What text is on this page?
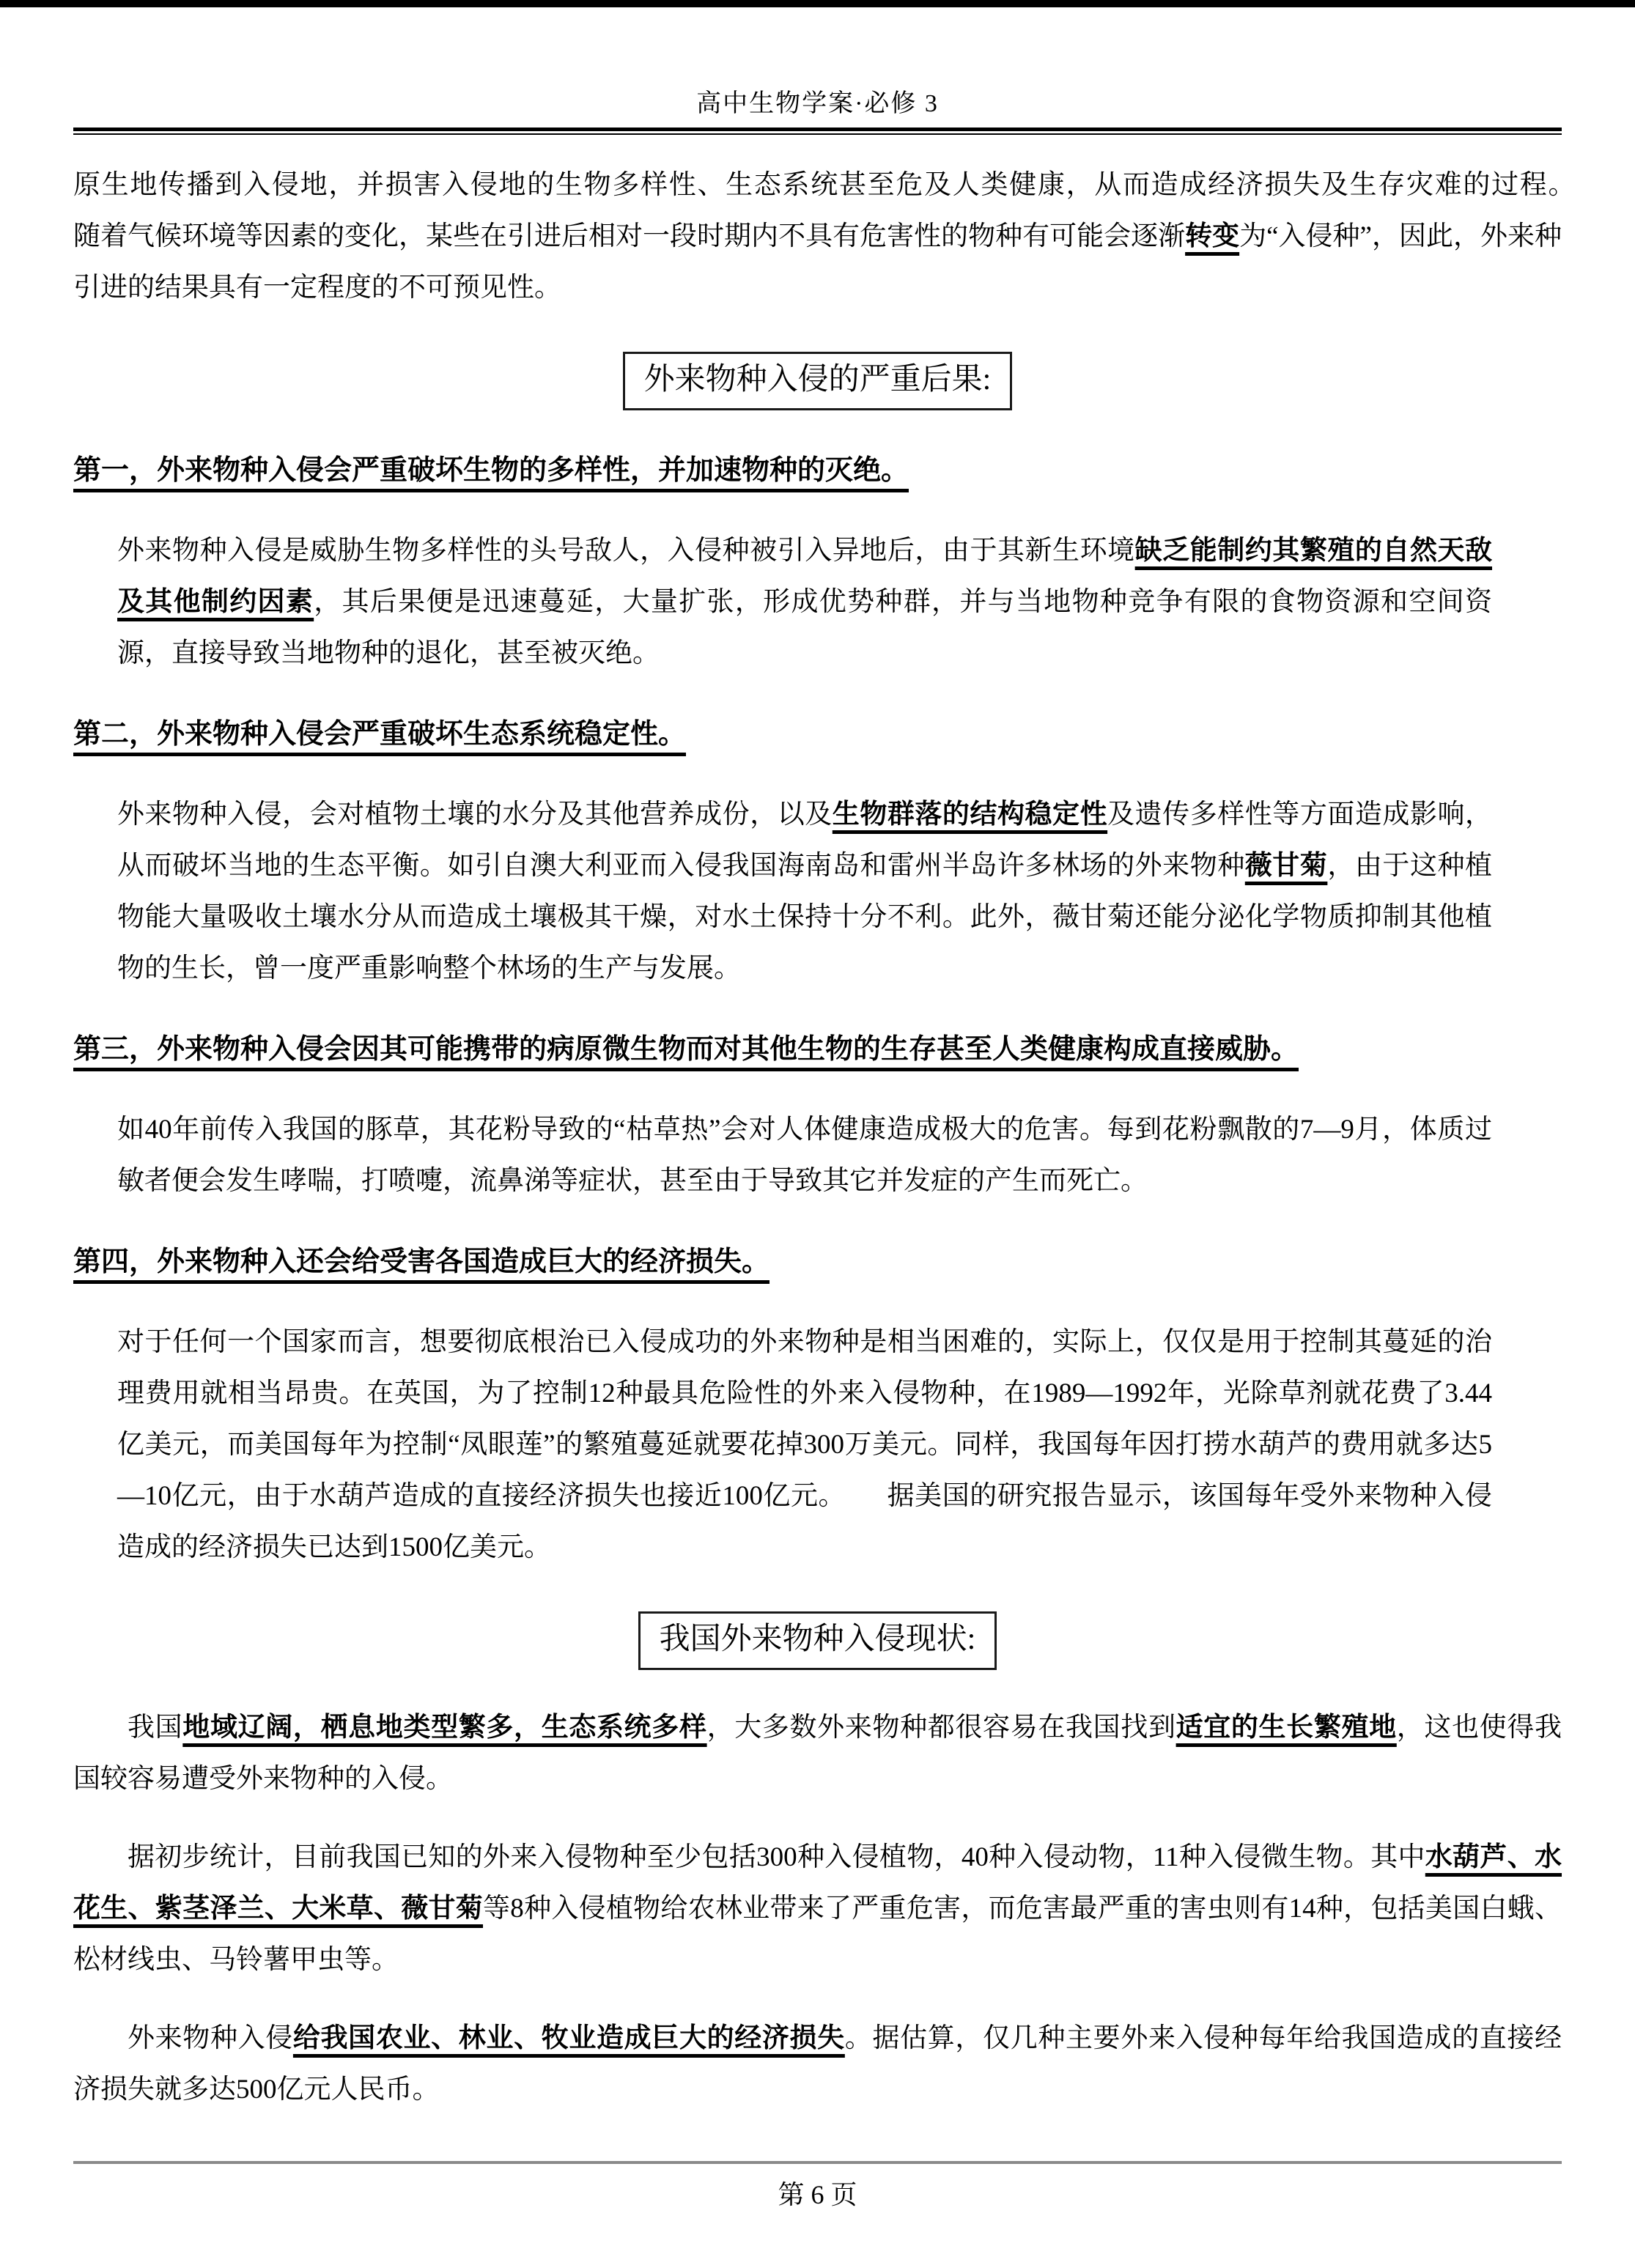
高中生物学案·必修 3

原生地传播到入侵地，并损害入侵地的生物多样性、生态系统甚至危及人类健康，从而造成经济损失及生存灾难的过程。　　随着气候环境等因素的变化，某些在引进后相对一段时期内不具有危害性的物种有可能会逐渐转变为“入侵种”，因此，外来种引进的结果具有一定程度的不可预见性。

外来物种入侵的严重后果:
第一，外来物种入侵会严重破坏生物的多样性，并加速物种的灭绝。

外来物种入侵是威胁生物多样性的头号敌人，入侵种被引入异地后，由于其新生环境缺乏能制约其繁殖的自然天敌及其他制约因素，其后果便是迅速蔓延，大量扩张，形成优势种群，并与当地物种竞争有限的食物资源和空间资源，直接导致当地物种的退化，甚至被灭绝。

第二，外来物种入侵会严重破坏生态系统稳定性。

外来物种入侵，会对植物土壤的水分及其他营养成份，以及生物群落的结构稳定性及遗传多样性等方面造成影响，从而破坏当地的生态平衡。如引自澳大利亚而入侵我国海南岛和雷州半岛许多林场的外来物种薇甘菊，由于这种植物能大量吸收土壤水分从而造成土壤极其干燥，对水土保持十分不利。此外，薇甘菊还能分泌化学物质抑制其他植物的生长，曾一度严重影响整个林场的生产与发展。

第三，外来物种入侵会因其可能携带的病原微生物而对其他生物的生存甚至人类健康构成直接威胁。

如40年前传入我国的豚草，其花粉导致的“枯草热”会对人体健康造成极大的危害。每到花粉飘散的7—9月，体质过敏者便会发生哮喘，打喷嚏，流鼻涕等症状，甚至由于导致其它并发症的产生而死亡。

第四，外来物种入还会给受害各国造成巨大的经济损失。

对于任何一个国家而言，想要彻底根治已入侵成功的外来物种是相当困难的，实际上，仅仅是用于控制其蔓延的治理费用就相当昂贵。在英国，为了控制12种最具危险性的外来入侵物种，在1989—1992年，光除草剂就花费了3.44亿美元，而美国每年为控制“凤眼莲”的繁殖蔓延就要花掉300万美元。同样，我国每年因打捞水葫芦的费用就多达5—10亿元，由于水葫芦造成的直接经济损失也接近100亿元。　　据美国的研究报告显示，该国每年受外来物种入侵造成的经济损失已达到1500亿美元。

我国外来物种入侵现状:

我国地域辽阔，栖息地类型繁多，生态系统多样，大多数外来物种都很容易在我国找到适宜的生长繁殖地，这也使得我国较容易遭受外来物种的入侵。

据初步统计，目前我国已知的外来入侵物种至少包括300种入侵植物，40种入侵动物，11种入侵微生物。其中水葫芦、水花生、紫茎泽兰、大米草、薇甘菊等8种入侵植物给农林业带来了严重危害，而危害最严重的害虫则有14种，包括美国白蛾、松材线虫、马铃薯甲虫等。

外来物种入侵给我国农业、林业、牧业造成巨大的经济损失。据估算，仅几种主要外来入侵种每年给我国造成的直接经济损失就多达500亿元人民币。

第 6 页
